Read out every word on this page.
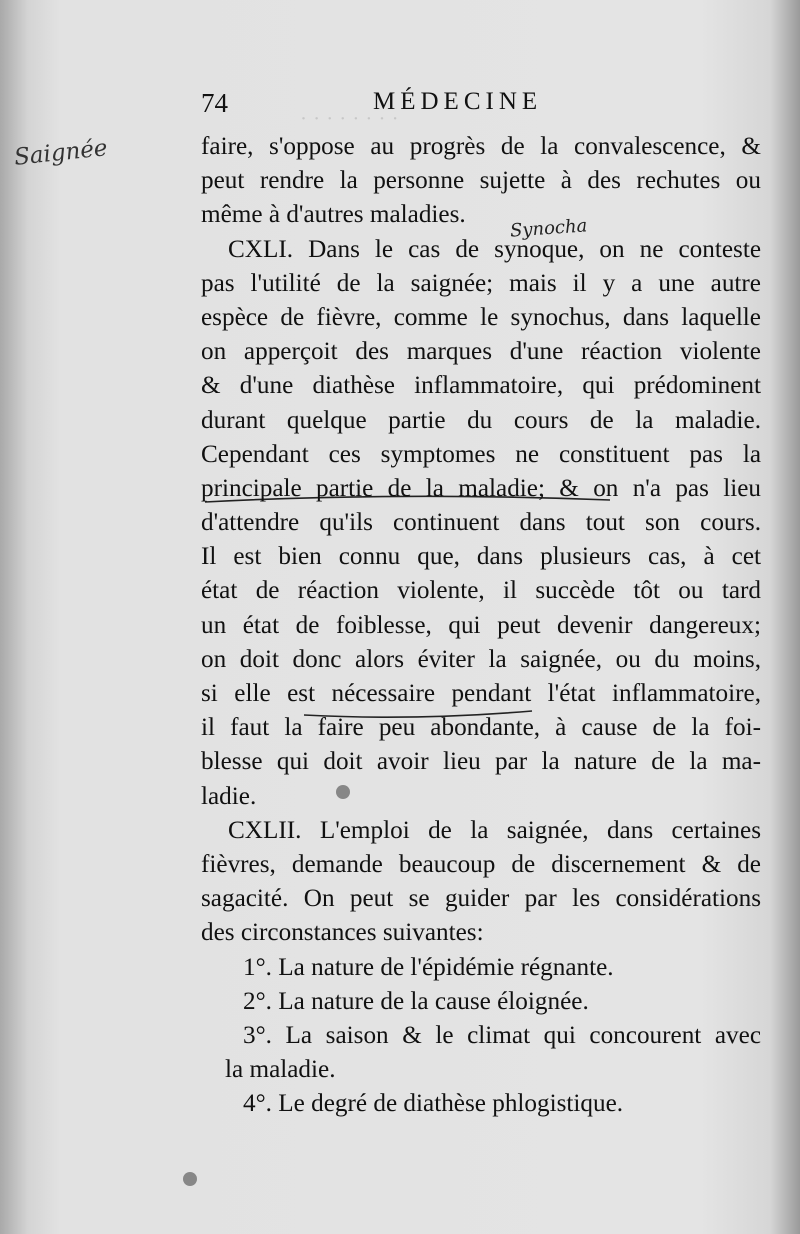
· · · · · · · ·
74	MÉDECINE
Saignée
Synocha
faire, s'oppose au progrès de la convalescence, &
peut rendre la personne sujette à des rechutes ou
même à d'autres maladies.
CXLI. Dans le cas de synoque, on ne conteste
pas l'utilité de la saignée; mais il y a une autre
espèce de fièvre, comme le synochus, dans laquelle
on apperçoit des marques d'une réaction violente
& d'une diathèse inflammatoire, qui prédominent
durant quelque partie du cours de la maladie.
Cependant ces symptomes ne constituent pas la
principale partie de la maladie; & on n'a pas lieu
d'attendre qu'ils continuent dans tout son cours.
Il est bien connu que, dans plusieurs cas, à cet
état de réaction violente, il succède tôt ou tard
un état de foiblesse, qui peut devenir dangereux;
on doit donc alors éviter la saignée, ou du moins,
si elle est nécessaire pendant l'état inflammatoire,
il faut la faire peu abondante, à cause de la foi-
blesse qui doit avoir lieu par la nature de la ma-
ladie.
CXLII. L'emploi de la saignée, dans certaines
fièvres, demande beaucoup de discernement & de
sagacité. On peut se guider par les considérations
des circonstances suivantes:
1°. La nature de l'épidémie régnante.
2°. La nature de la cause éloignée.
3°. La saison & le climat qui concourent avec
la maladie.
4°. Le degré de diathèse phlogistique.
